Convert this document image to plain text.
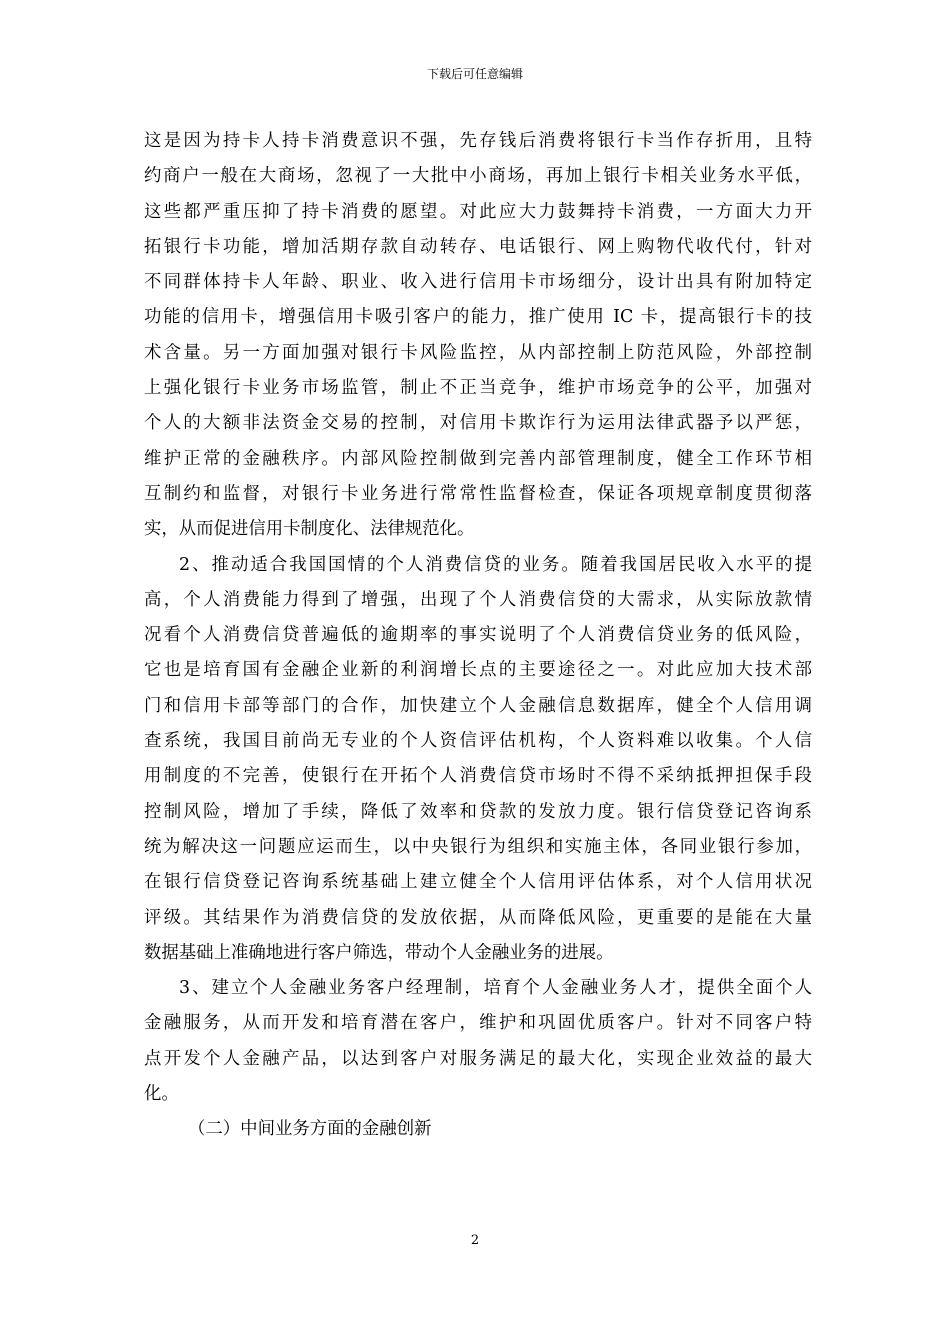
下载后可任意编辑
这是因为持卡人持卡消费意识不强，先存钱后消费将银行卡当作存折用，且特
约商户一般在大商场，忽视了一大批中小商场，再加上银行卡相关业务水平低，
这些都严重压抑了持卡消费的愿望。对此应大力鼓舞持卡消费，一方面大力开
拓银行卡功能，增加活期存款自动转存、电话银行、网上购物代收代付，针对
不同群体持卡人年龄、职业、收入进行信用卡市场细分，设计出具有附加特定
功能的信用卡，增强信用卡吸引客户的能力，推广使用 IC 卡，提高银行卡的技
术含量。另一方面加强对银行卡风险监控，从内部控制上防范风险，外部控制
上强化银行卡业务市场监管，制止不正当竞争，维护市场竞争的公平，加强对
个人的大额非法资金交易的控制，对信用卡欺诈行为运用法律武器予以严惩，
维护正常的金融秩序。内部风险控制做到完善内部管理制度，健全工作环节相
互制约和监督，对银行卡业务进行常常性监督检查，保证各项规章制度贯彻落
实，从而促进信用卡制度化、法律规范化。
2、推动适合我国国情的个人消费信贷的业务。随着我国居民收入水平的提
高，个人消费能力得到了增强，出现了个人消费信贷的大需求，从实际放款情
况看个人消费信贷普遍低的逾期率的事实说明了个人消费信贷业务的低风险，
它也是培育国有金融企业新的利润增长点的主要途径之一。对此应加大技术部
门和信用卡部等部门的合作，加快建立个人金融信息数据库，健全个人信用调
查系统，我国目前尚无专业的个人资信评估机构，个人资料难以收集。个人信
用制度的不完善，使银行在开拓个人消费信贷市场时不得不采纳抵押担保手段
控制风险，增加了手续，降低了效率和贷款的发放力度。银行信贷登记咨询系
统为解决这一问题应运而生，以中央银行为组织和实施主体，各同业银行参加，
在银行信贷登记咨询系统基础上建立健全个人信用评估体系，对个人信用状况
评级。其结果作为消费信贷的发放依据，从而降低风险，更重要的是能在大量
数据基础上准确地进行客户筛选，带动个人金融业务的进展。
3、建立个人金融业务客户经理制，培育个人金融业务人才，提供全面个人
金融服务，从而开发和培育潜在客户，维护和巩固优质客户。针对不同客户特
点开发个人金融产品，以达到客户对服务满足的最大化，实现企业效益的最大
化。
（二）中间业务方面的金融创新
2
